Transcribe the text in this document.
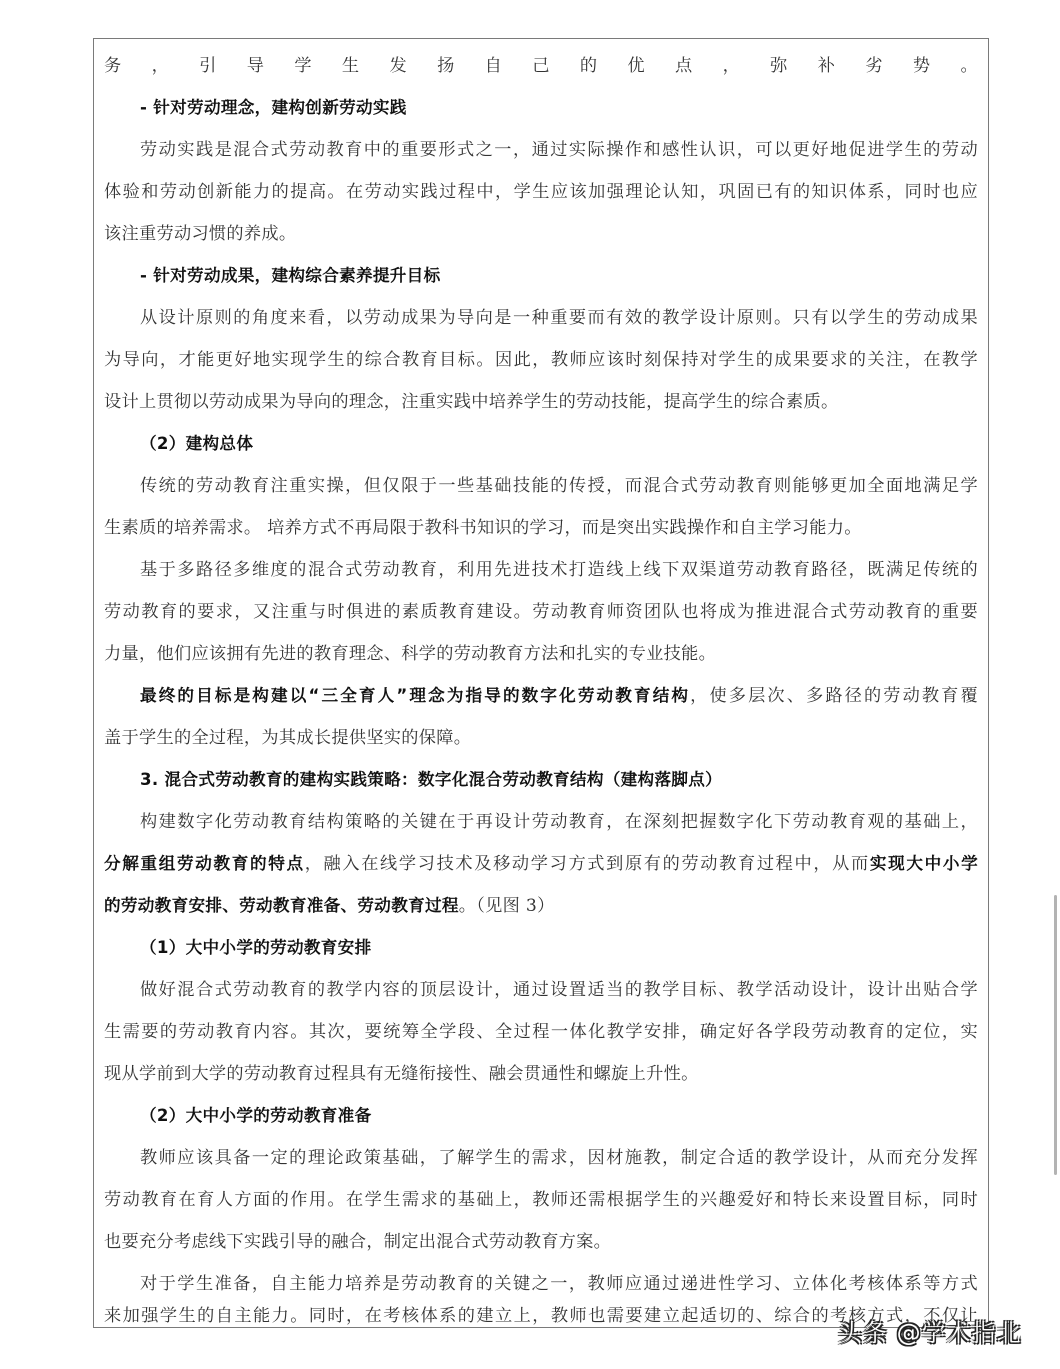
务，引导学生发扬自己的优点，弥补劣势。
- 针对劳动理念，建构创新劳动实践
劳动实践是混合式劳动教育中的重要形式之一，通过实际操作和感性认识，可以更好地促进学生的劳动
体验和劳动创新能力的提高。在劳动实践过程中，学生应该加强理论认知，巩固已有的知识体系，同时也应
该注重劳动习惯的养成。
- 针对劳动成果，建构综合素养提升目标
从设计原则的角度来看，以劳动成果为导向是一种重要而有效的教学设计原则。只有以学生的劳动成果
为导向，才能更好地实现学生的综合教育目标。因此，教师应该时刻保持对学生的成果要求的关注，在教学
设计上贯彻以劳动成果为导向的理念，注重实践中培养学生的劳动技能，提高学生的综合素质。
（2）建构总体
传统的劳动教育注重实操，但仅限于一些基础技能的传授，而混合式劳动教育则能够更加全面地满足学
生素质的培养需求。 培养方式不再局限于教科书知识的学习，而是突出实践操作和自主学习能力。
基于多路径多维度的混合式劳动教育，利用先进技术打造线上线下双渠道劳动教育路径，既满足传统的
劳动教育的要求，又注重与时俱进的素质教育建设。劳动教育师资团队也将成为推进混合式劳动教育的重要
力量，他们应该拥有先进的教育理念、科学的劳动教育方法和扎实的专业技能。
最终的目标是构建以“三全育人”理念为指导的数字化劳动教育结构，使多层次、多路径的劳动教育覆
盖于学生的全过程，为其成长提供坚实的保障。
3. 混合式劳动教育的建构实践策略：数字化混合劳动教育结构（建构落脚点）
构建数字化劳动教育结构策略的关键在于再设计劳动教育，在深刻把握数字化下劳动教育观的基础上，
分解重组劳动教育的特点，融入在线学习技术及移动学习方式到原有的劳动教育过程中，从而实现大中小学
的劳动教育安排、劳动教育准备、劳动教育过程。（见图 3）
（1）大中小学的劳动教育安排
做好混合式劳动教育的教学内容的顶层设计，通过设置适当的教学目标、教学活动设计，设计出贴合学
生需要的劳动教育内容。其次，要统筹全学段、全过程一体化教学安排，确定好各学段劳动教育的定位，实
现从学前到大学的劳动教育过程具有无缝衔接性、融会贯通性和螺旋上升性。
（2）大中小学的劳动教育准备
教师应该具备一定的理论政策基础，了解学生的需求，因材施教，制定合适的教学设计，从而充分发挥
劳动教育在育人方面的作用。在学生需求的基础上，教师还需根据学生的兴趣爱好和特长来设置目标，同时
也要充分考虑线下实践引导的融合，制定出混合式劳动教育方案。
对于学生准备，自主能力培养是劳动教育的关键之一，教师应通过递进性学习、立体化考核体系等方式
来加强学生的自主能力。同时，在考核体系的建立上，教师也需要建立起适切的、综合的考核方式，不仅让
头条 @学术指北
